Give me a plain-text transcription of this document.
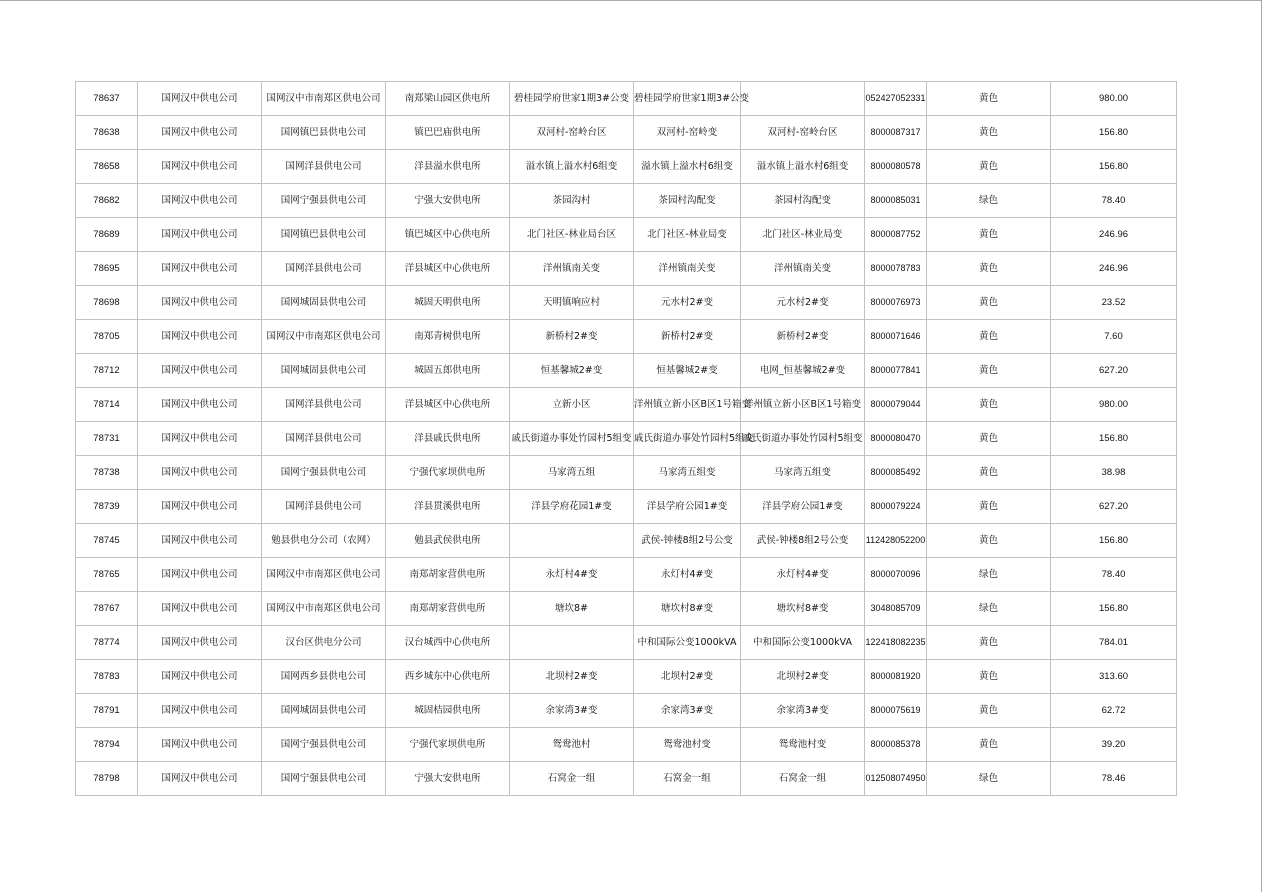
78637	国网汉中供电公司	国网汉中市南郑区供电公司	南郑梁山园区供电所	碧桂园学府世家1期3#公变	碧桂园学府世家1期3#公变		052427052331	黄色	980.00
78638	国网汉中供电公司	国网镇巴县供电公司	镇巴巴庙供电所	双河村-窑岭台区	双河村-窑岭变	双河村-窑岭台区	8000087317	黄色	156.80
78658	国网汉中供电公司	国网洋县供电公司	洋县溢水供电所	溢水镇上溢水村6组变	溢水镇上溢水村6组变	溢水镇上溢水村6组变	8000080578	黄色	156.80
78682	国网汉中供电公司	国网宁强县供电公司	宁强大安供电所	茶园沟村	茶园村沟配变	茶园村沟配变	8000085031	绿色	78.40
78689	国网汉中供电公司	国网镇巴县供电公司	镇巴城区中心供电所	北门社区-林业局台区	北门社区-林业局变	北门社区-林业局变	8000087752	黄色	246.96
78695	国网汉中供电公司	国网洋县供电公司	洋县城区中心供电所	洋州镇南关变	洋州镇南关变	洋州镇南关变	8000078783	黄色	246.96
78698	国网汉中供电公司	国网城固县供电公司	城固天明供电所	天明镇响应村	元水村2#变	元水村2#变	8000076973	黄色	23.52
78705	国网汉中供电公司	国网汉中市南郑区供电公司	南郑青树供电所	新桥村2#变	新桥村2#变	新桥村2#变	8000071646	黄色	7.60
78712	国网汉中供电公司	国网城固县供电公司	城固五郎供电所	恒基馨城2#变	恒基馨城2#变	电网_恒基馨城2#变	8000077841	黄色	627.20
78714	国网汉中供电公司	国网洋县供电公司	洋县城区中心供电所	立新小区	洋州镇立新小区B区1号箱变	洋州镇立新小区B区1号箱变	8000079044	黄色	980.00
78731	国网汉中供电公司	国网洋县供电公司	洋县戚氏供电所	戚氏街道办事处竹园村5组变	戚氏街道办事处竹园村5组变	戚氏街道办事处竹园村5组变	8000080470	黄色	156.80
78738	国网汉中供电公司	国网宁强县供电公司	宁强代家坝供电所	马家湾五组	马家湾五组变	马家湾五组变	8000085492	黄色	38.98
78739	国网汉中供电公司	国网洋县供电公司	洋县贯溪供电所	洋县学府花园1#变	洋县学府公园1#变	洋县学府公园1#变	8000079224	黄色	627.20
78745	国网汉中供电公司	勉县供电分公司（农网）	勉县武侯供电所		武侯-钟楼8组2号公变	武侯-钟楼8组2号公变	112428052200	黄色	156.80
78765	国网汉中供电公司	国网汉中市南郑区供电公司	南郑胡家营供电所	永灯村4#变	永灯村4#变	永灯村4#变	8000070096	绿色	78.40
78767	国网汉中供电公司	国网汉中市南郑区供电公司	南郑胡家营供电所	塘坎8#	塘坎村8#变	塘坎村8#变	3048085709	绿色	156.80
78774	国网汉中供电公司	汉台区供电分公司	汉台城西中心供电所		中和国际公变1000kVA	中和国际公变1000kVA	122418082235	黄色	784.01
78783	国网汉中供电公司	国网西乡县供电公司	西乡城东中心供电所	北坝村2#变	北坝村2#变	北坝村2#变	8000081920	黄色	313.60
78791	国网汉中供电公司	国网城固县供电公司	城固桔园供电所	余家湾3#变	余家湾3#变	余家湾3#变	8000075619	黄色	62.72
78794	国网汉中供电公司	国网宁强县供电公司	宁强代家坝供电所	鸳鸯池村	鸳鸯池村变	鸳鸯池村变	8000085378	黄色	39.20
78798	国网汉中供电公司	国网宁强县供电公司	宁强大安供电所	石窝金一组	石窝金一组	石窝金一组	012508074950	绿色	78.46
